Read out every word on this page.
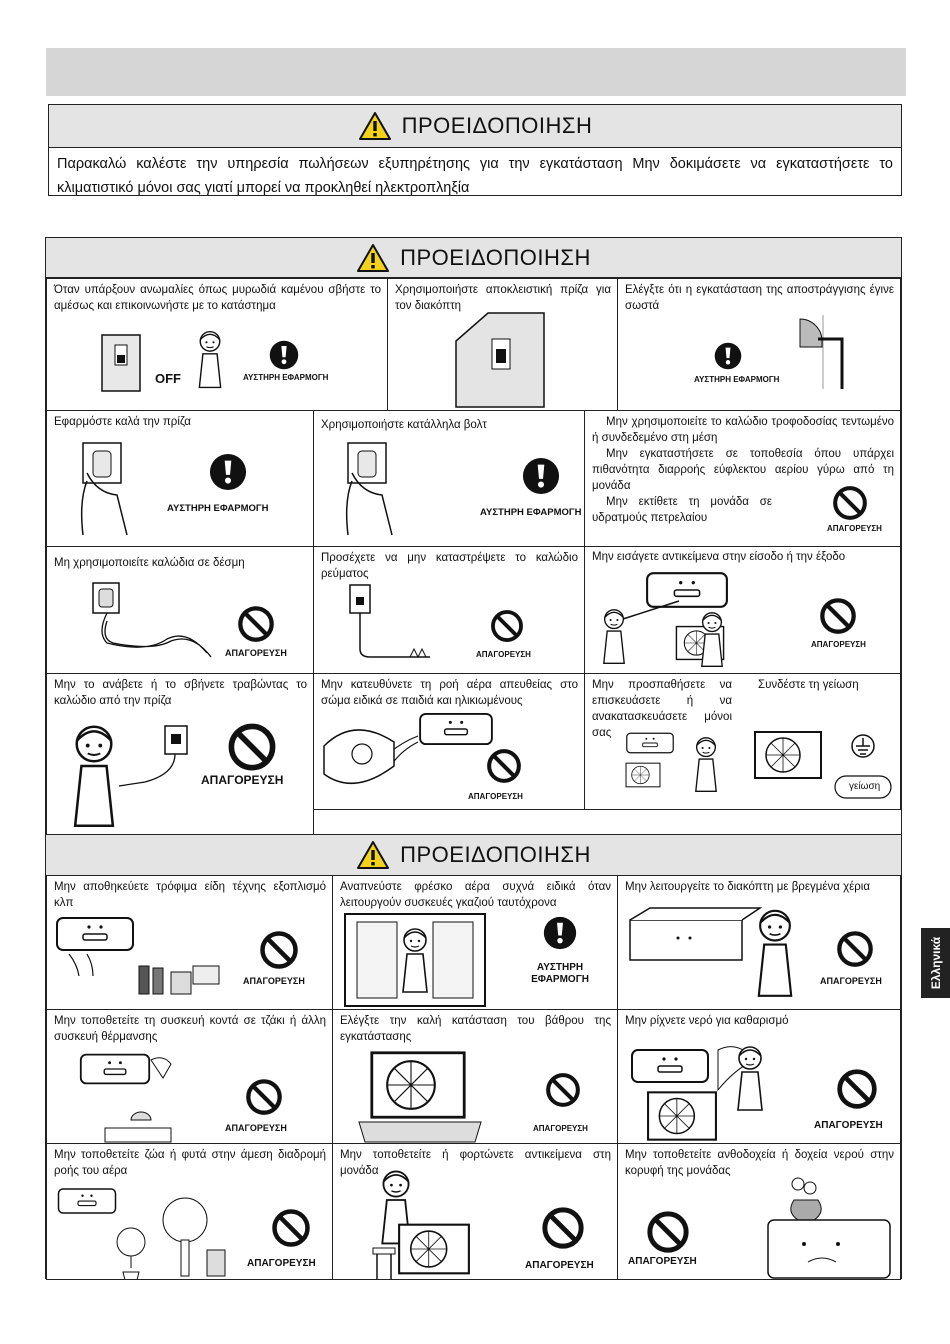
ΠΡΟΕΙΔΟΠΟΙΗΣΗ
Παρακαλώ καλέστε την υπηρεσία πωλήσεων εξυπηρέτησης για την εγκατάσταση Μην δοκιμάσετε να εγκαταστήσετε το κλιματιστικό μόνοι σας γιατί μπορεί να προκληθεί ηλεκτροπληξία
ΠΡΟΕΙΔΟΠΟΙΗΣΗ
Όταν υπάρξουν ανωμαλίες όπως μυρωδιά καμένου σβήστε το αμέσως και επικοινωνήστε με το κατάστημα
OFF	ΑΥΣΤΗΡΗ ΕΦΑΡΜΟΓΗ
Χρησιμοποιήστε αποκλειστική πρίζα για τον διακόπτη
Ελέγξτε ότι η εγκατάσταση της αποστράγγισης έγινε σωστά
ΑΥΣΤΗΡΗ ΕΦΑΡΜΟΓΗ
Εφαρμόστε καλά την πρίζα
ΑΥΣΤΗΡΗ ΕΦΑΡΜΟΓΗ
Χρησιμοποιήστε κατάλληλα βολτ
ΑΥΣΤΗΡΗ ΕΦΑΡΜΟΓΗ
Μην χρησιμοποιείτε το καλώδιο τροφοδοσίας τεντωμένο ή συνδεδεμένο στη μέση
Μην εγκαταστήσετε σε τοποθεσία όπου υπάρχει πιθανότητα διαρροής εύφλεκτου αερίου γύρω από τη μονάδα
Μην εκτίθετε τη μονάδα σε υδρατμούς πετρελαίου
ΑΠΑΓΟΡΕΥΣΗ
Μη χρησιμοποιείτε καλώδια σε δέσμη
ΑΠΑΓΟΡΕΥΣΗ
Προσέχετε να μην καταστρέψετε το καλώδιο ρεύματος
ΑΠΑΓΟΡΕΥΣΗ
Μην εισάγετε αντικείμενα στην είσοδο ή την έξοδο
ΑΠΑΓΟΡΕΥΣΗ
Μην το ανάβετε ή το σβήνετε τραβώντας το καλώδιο από την πρίζα
ΑΠΑΓΟΡΕΥΣΗ
Μην κατευθύνετε τη ροή αέρα απευθείας στο σώμα ειδικά σε παιδιά και ηλικιωμένους
ΑΠΑΓΟΡΕΥΣΗ
Μην προσπαθήσετε να επισκευάσετε ή να ανακατασκευάσετε μόνοι σας
Συνδέστε τη γείωση
γείωση
ΠΡΟΕΙΔΟΠΟΙΗΣΗ
Μην αποθηκεύετε τρόφιμα είδη τέχνης εξοπλισμό κλπ
ΑΠΑΓΟΡΕΥΣΗ
Αναπνεύστε φρέσκο αέρα συχνά ειδικά όταν λειτουργούν συσκευές γκαζιού ταυτόχρονα
ΑΥΣΤΗΡΗ
ΕΦΑΡΜΟΓΗ
Μην λειτουργείτε το διακόπτη με βρεγμένα χέρια
ΑΠΑΓΟΡΕΥΣΗ
Μην τοποθετείτε τη συσκευή κοντά σε τζάκι ή άλλη συσκευή θέρμανσης
ΑΠΑΓΟΡΕΥΣΗ
Ελέγξτε την καλή κατάσταση του βάθρου της εγκατάστασης
ΑΠΑΓΟΡΕΥΣΗ
Μην ρίχνετε νερό για καθαρισμό
ΑΠΑΓΟΡΕΥΣΗ
Μην τοποθετείτε ζώα ή φυτά στην άμεση διαδρομή ροής του αέρα
ΑΠΑΓΟΡΕΥΣΗ
Μην τοποθετείτε ή φορτώνετε αντικείμενα στη μονάδα
ΑΠΑΓΟΡΕΥΣΗ
Μην τοποθετείτε ανθοδοχεία ή δοχεία νερού στην κορυφή της μονάδας
ΑΠΑΓΟΡΕΥΣΗ
Ελληνικά
